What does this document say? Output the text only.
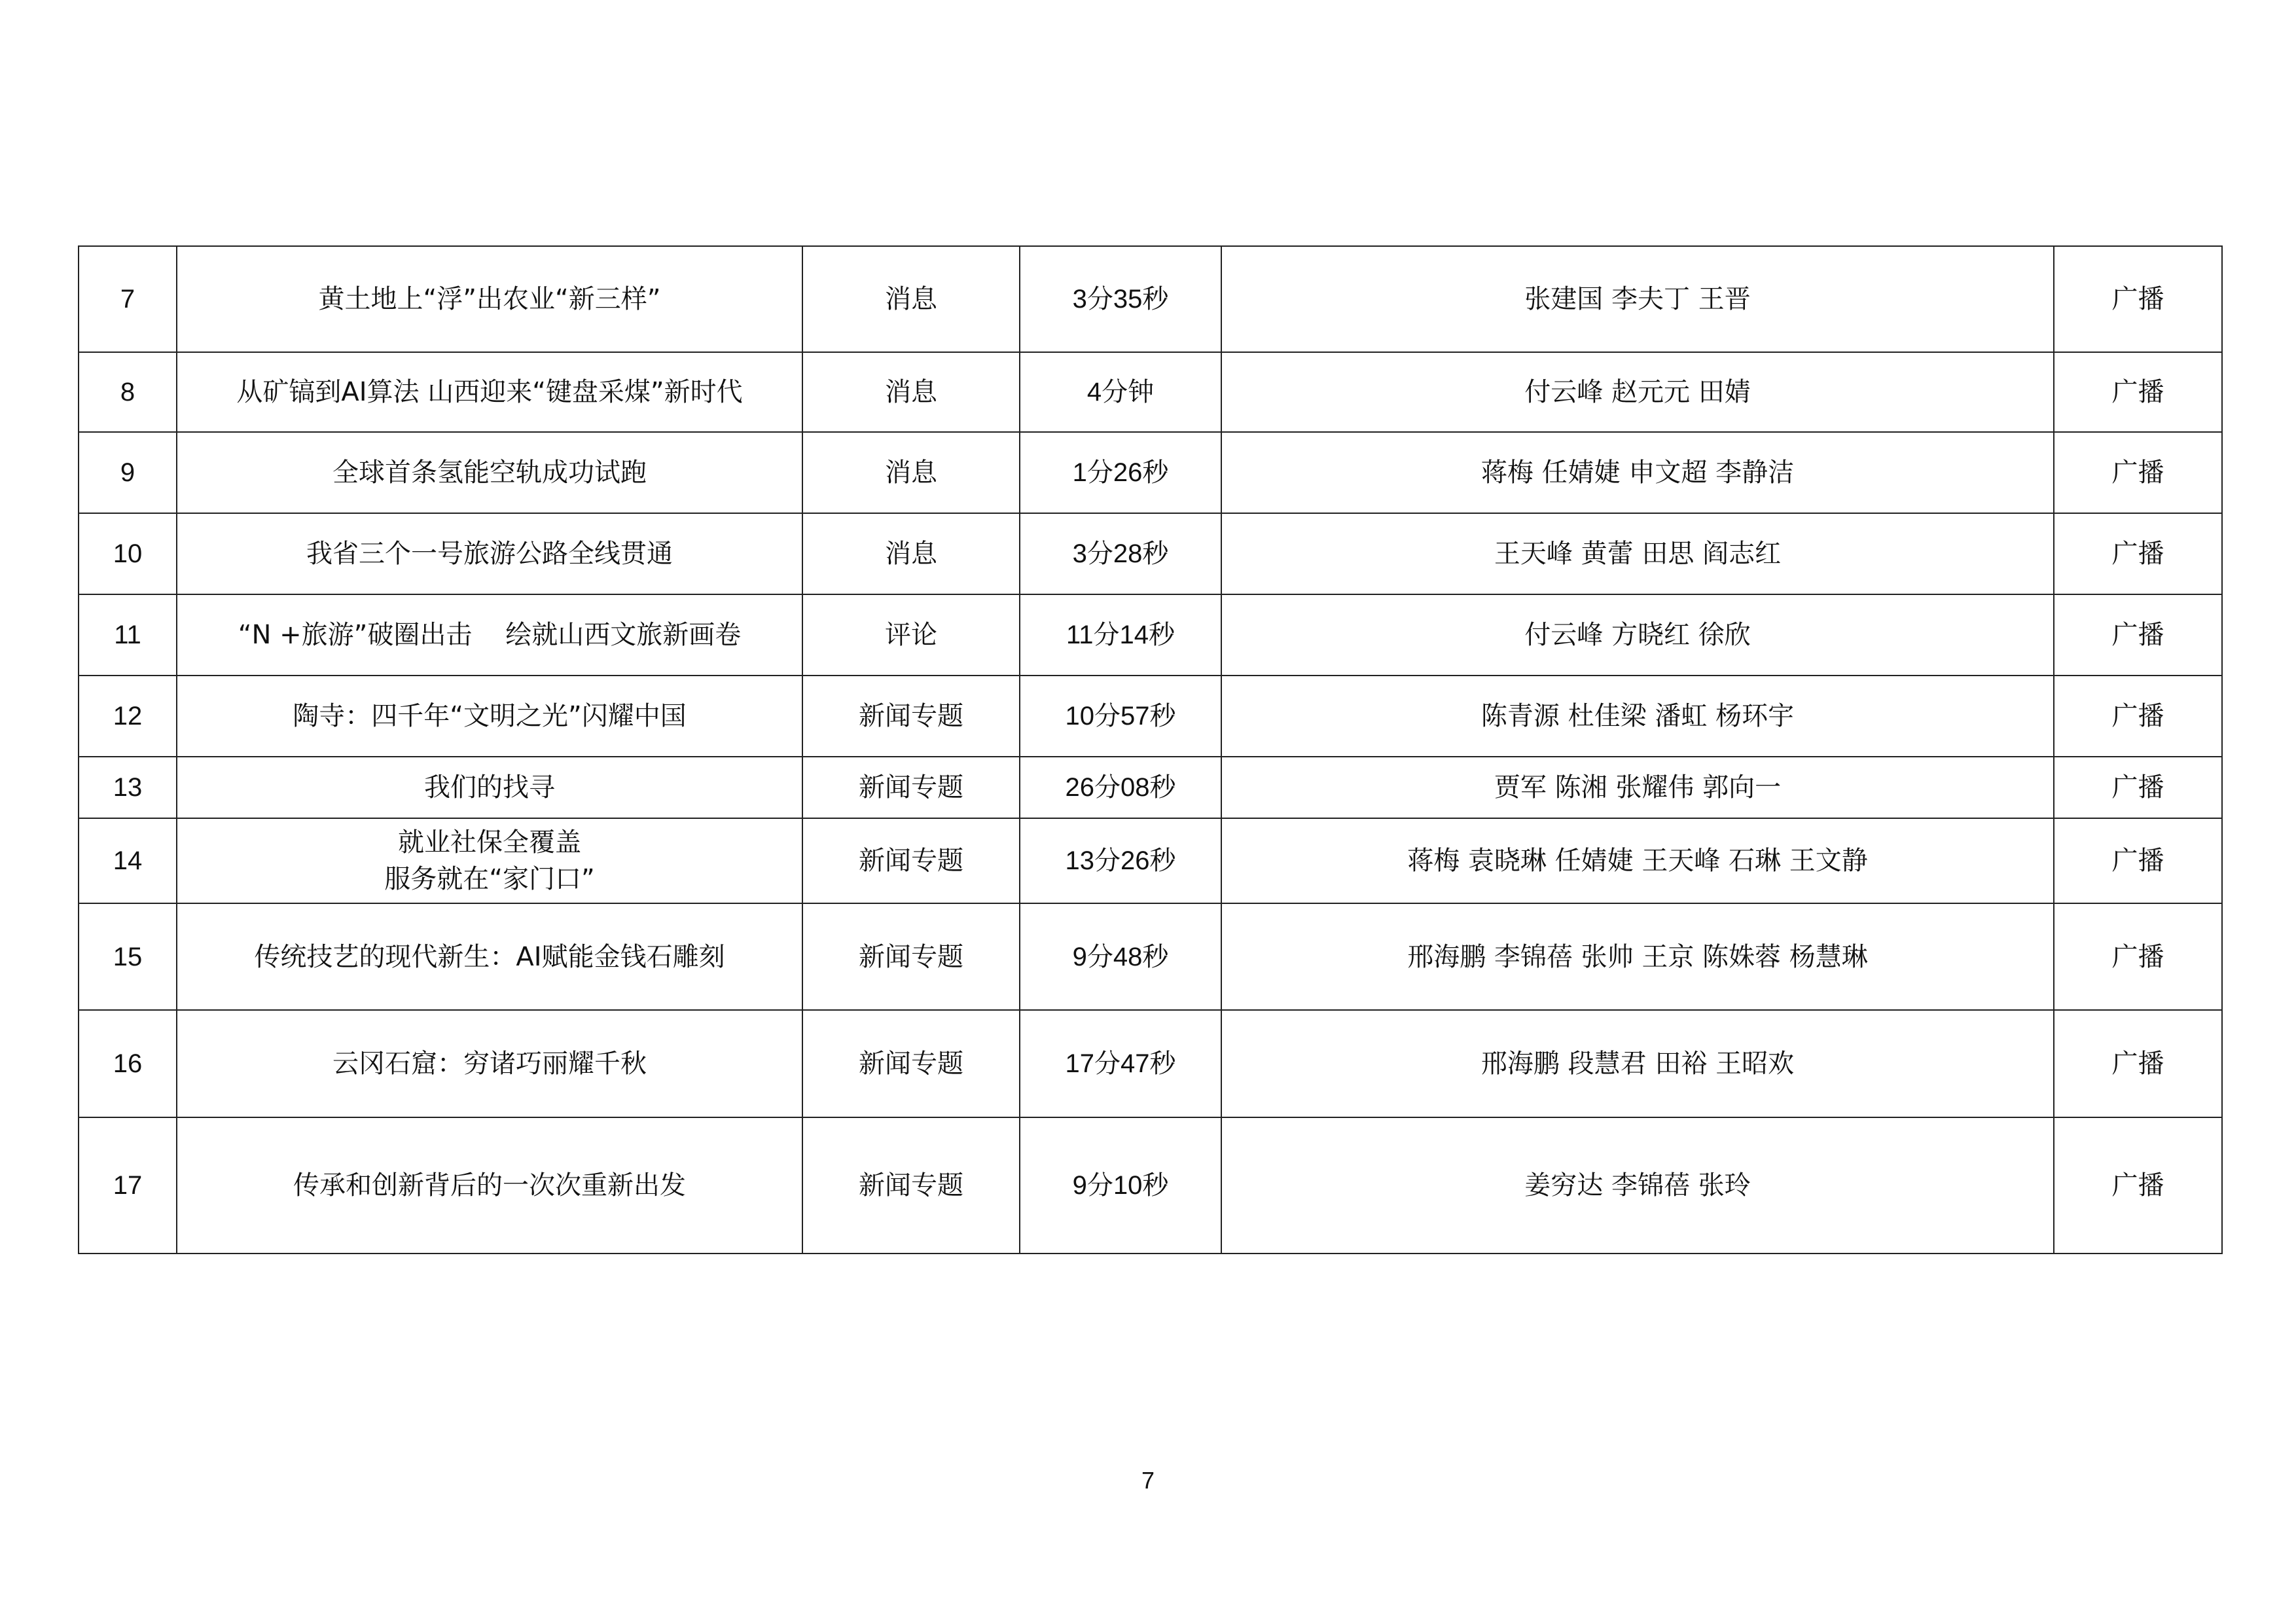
7	黄土地上“浮”出农业“新三样”	消息	3分35秒	张建国 李夫丁 王晋	广播
8	从矿镐到AI算法 山西迎来“键盘采煤”新时代	消息	4分钟	付云峰 赵元元 田婧	广播
9	全球首条氢能空轨成功试跑	消息	1分26秒	蒋梅 任婧婕 申文超 李静洁	广播
10	我省三个一号旅游公路全线贯通	消息	3分28秒	王天峰 黄蕾 田思 阎志红	广播
11	“N +旅游”破圈出击    绘就山西文旅新画卷	评论	11分14秒	付云峰 方晓红 徐欣	广播
12	陶寺：四千年“文明之光”闪耀中国	新闻专题	10分57秒	陈青源 杜佳梁 潘虹 杨环宇	广播
13	我们的找寻	新闻专题	26分08秒	贾军 陈湘 张耀伟 郭向一	广播
14	就业社保全覆盖
服务就在“家门口”	新闻专题	13分26秒	蒋梅 袁晓琳 任婧婕 王天峰 石琳 王文静	广播
15	传统技艺的现代新生：AI赋能金钱石雕刻	新闻专题	9分48秒	邢海鹏 李锦蓓 张帅 王京 陈姝蓉 杨慧琳	广播
16	云冈石窟：穷诸巧丽耀千秋	新闻专题	17分47秒	邢海鹏 段慧君 田裕 王昭欢	广播
17	传承和创新背后的一次次重新出发	新闻专题	9分10秒	姜穷达 李锦蓓 张玲	广播
7
